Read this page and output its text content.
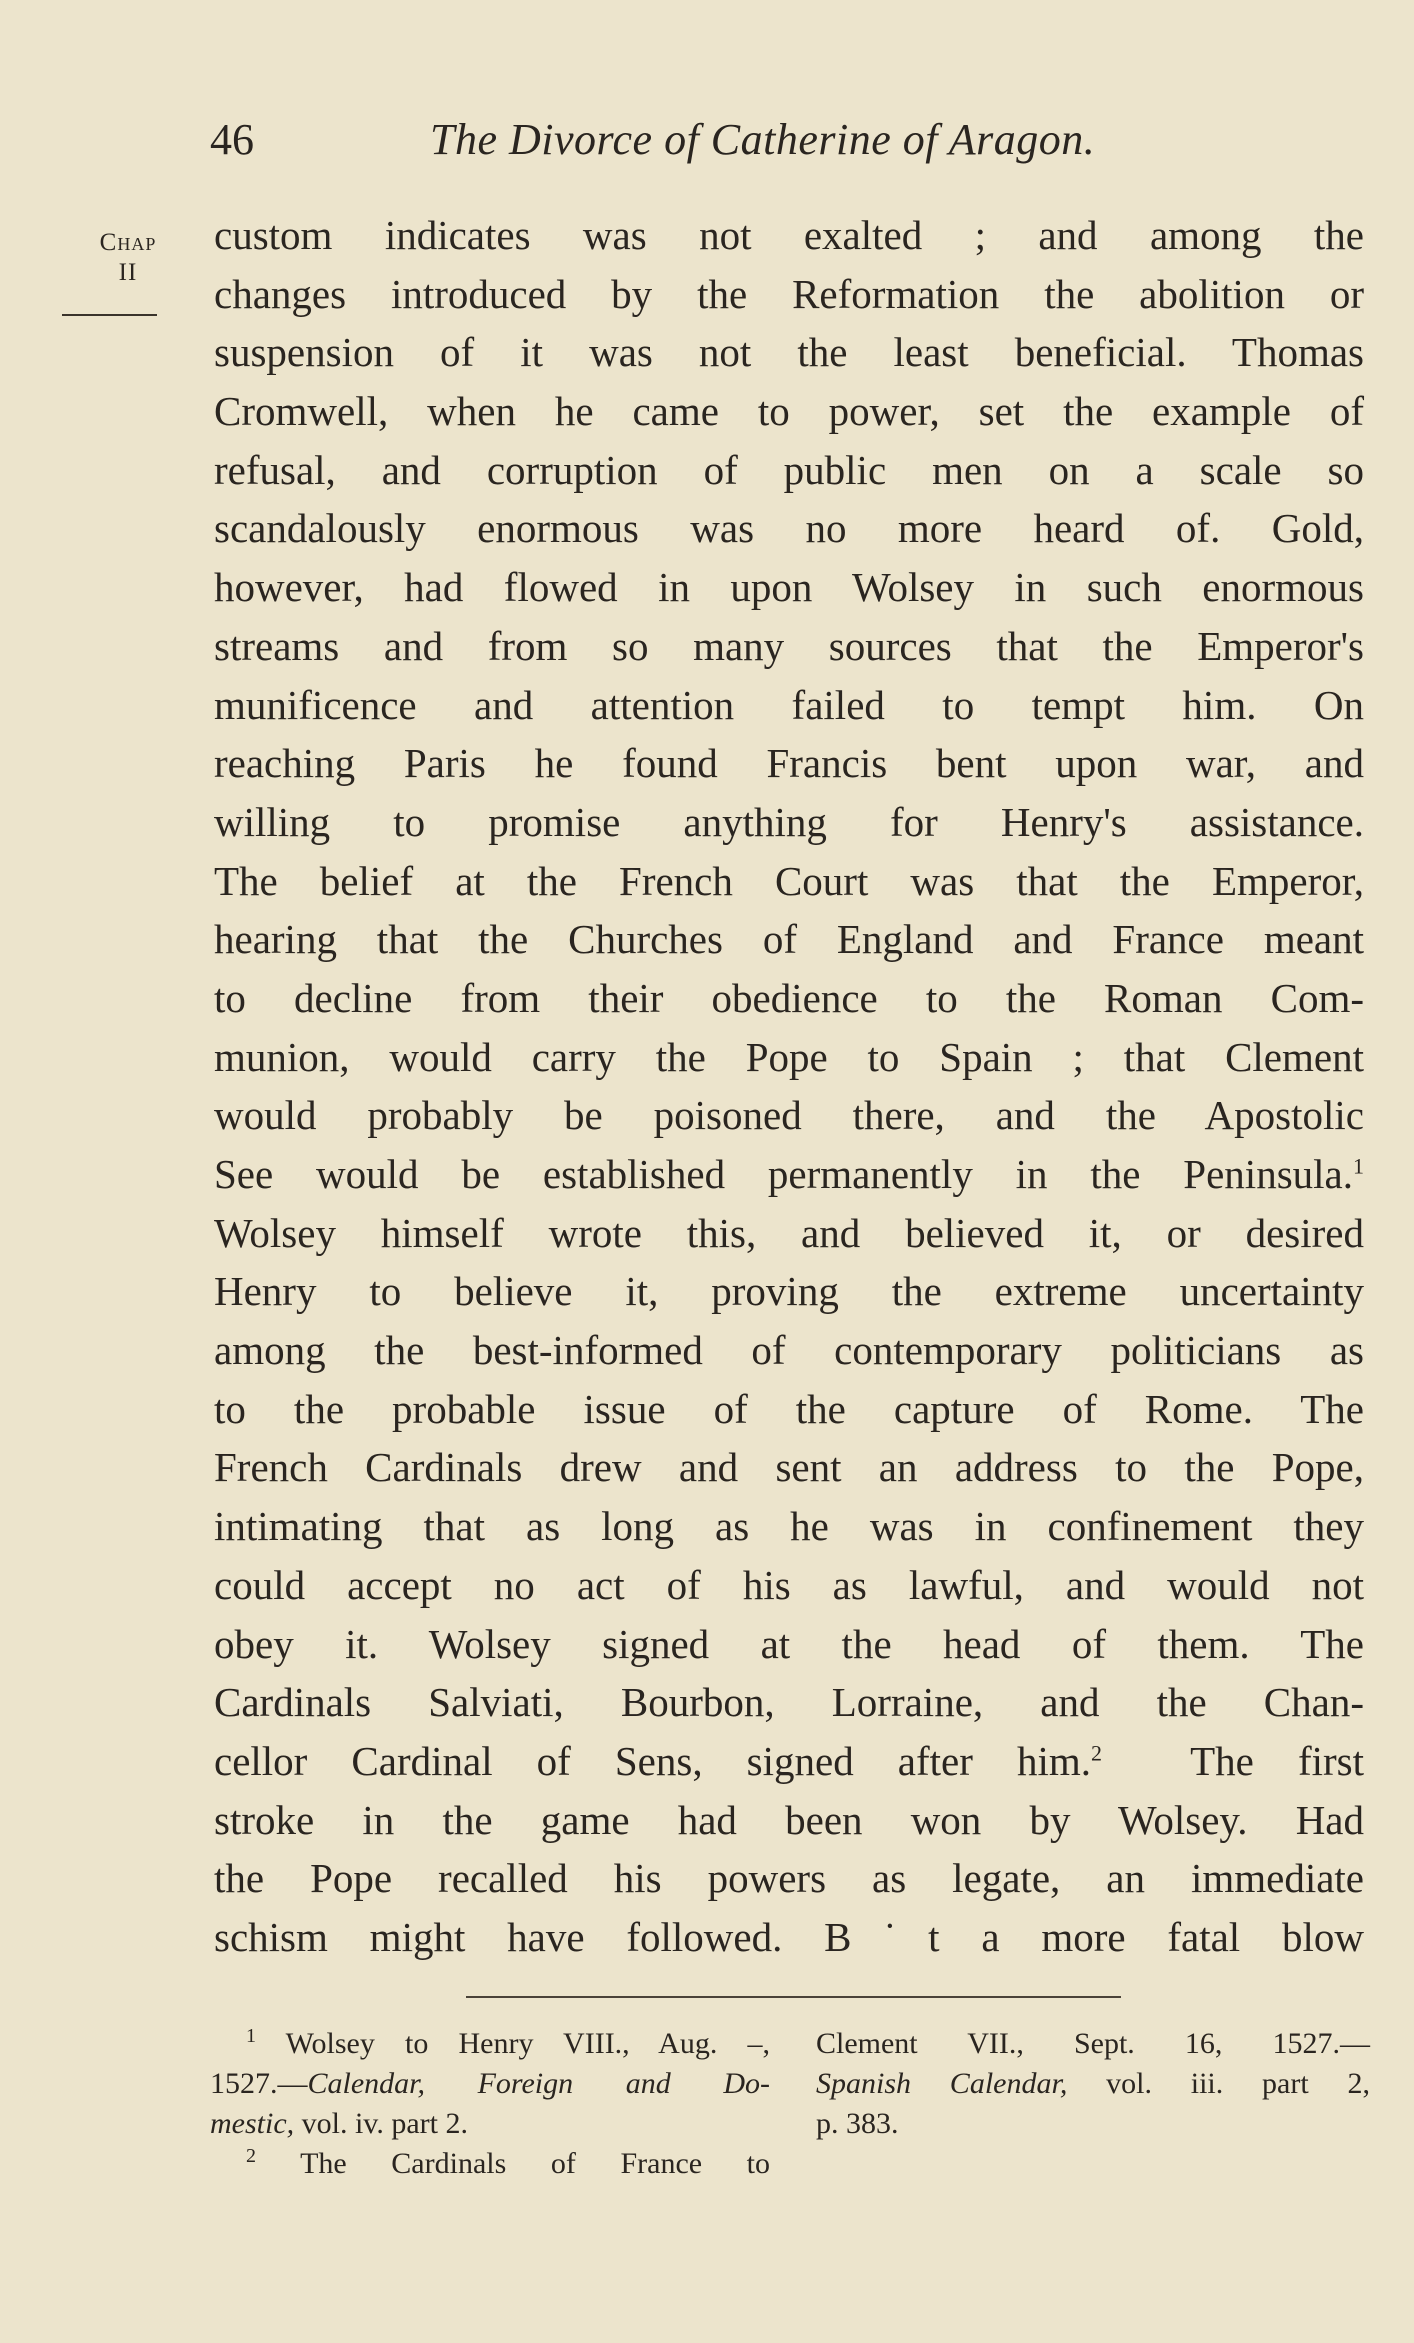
46	The Divorce of Catherine of Aragon.
Chap
II
custom indicates was not exalted ; and among the
changes introduced by the Reformation the abolition or
suspension of it was not the least beneficial. Thomas
Cromwell, when he came to power, set the example of
refusal, and corruption of public men on a scale so
scandalously enormous was no more heard of. Gold,
however, had flowed in upon Wolsey in such enormous
streams and from so many sources that the Emperor's
munificence and attention failed to tempt him. On
reaching Paris he found Francis bent upon war, and
willing to promise anything for Henry's assistance.
The belief at the French Court was that the Emperor,
hearing that the Churches of England and France meant
to decline from their obedience to the Roman Com-
munion, would carry the Pope to Spain ; that Clement
would probably be poisoned there, and the Apostolic
See would be established permanently in the Peninsula.$^1$
Wolsey himself wrote this, and believed it, or desired
Henry to believe it, proving the extreme uncertainty
among the best-informed of contemporary politicians as
to the probable issue of the capture of Rome. The
French Cardinals drew and sent an address to the Pope,
intimating that as long as he was in confinement they
could accept no act of his as lawful, and would not
obey it. Wolsey signed at the head of them. The
Cardinals Salviati, Bourbon, Lorraine, and the Chan-
cellor Cardinal of Sens, signed after him.$^2$ The first
stroke in the game had been won by Wolsey. Had
the Pope recalled his powers as legate, an immediate
schism might have followed. B˙t a more fatal blow
$^1$ Wolsey to Henry VIII., Aug. –,
1527.—Calendar, Foreign and Do-
mestic, vol. iv. part 2.
$^2$ The Cardinals of France to
Clement VII., Sept. 16, 1527.—
Spanish Calendar, vol. iii. part 2,
p. 383.
